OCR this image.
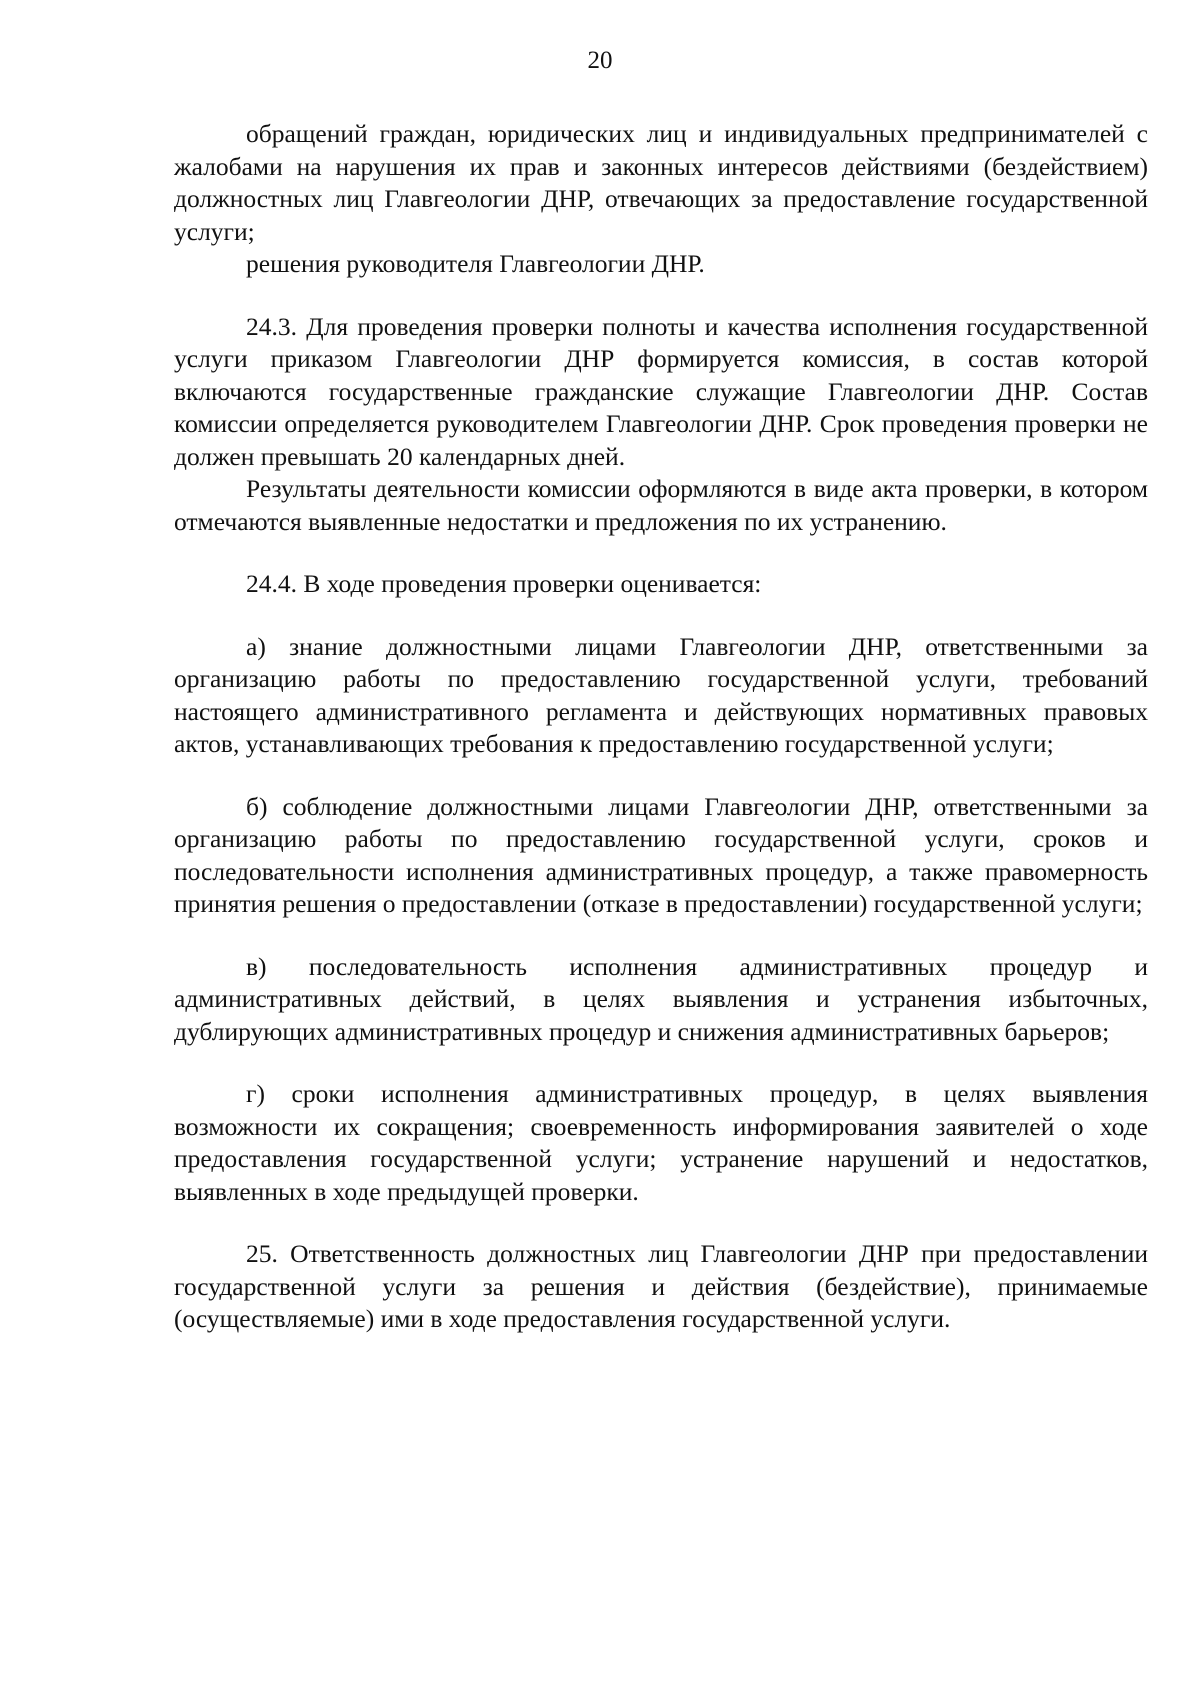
20

обращений граждан, юридических лиц и индивидуальных предпринимателей с жалобами на нарушения их прав и законных интересов действиями (бездействием) должностных лиц Главгеологии ДНР, отвечающих за предоставление государственной услуги;

решения руководителя Главгеологии ДНР.

24.3. Для проведения проверки полноты и качества исполнения государственной услуги приказом Главгеологии ДНР формируется комиссия, в состав которой включаются государственные гражданские служащие Главгеологии ДНР. Состав комиссии определяется руководителем Главгеологии ДНР. Срок проведения проверки не должен превышать 20 календарных дней.

Результаты деятельности комиссии оформляются в виде акта проверки, в котором отмечаются выявленные недостатки и предложения по их устранению.

24.4. В ходе проведения проверки оценивается:

а) знание должностными лицами Главгеологии ДНР, ответственными за организацию работы по предоставлению государственной услуги, требований настоящего административного регламента и действующих нормативных правовых актов, устанавливающих требования к предоставлению государственной услуги;

б) соблюдение должностными лицами Главгеологии ДНР, ответственными за организацию работы по предоставлению государственной услуги, сроков и последовательности исполнения административных процедур, а также правомерность принятия решения о предоставлении (отказе в предоставлении) государственной услуги;

в) последовательность исполнения административных процедур и административных действий, в целях выявления и устранения избыточных, дублирующих административных процедур и снижения административных барьеров;

г) сроки исполнения административных процедур, в целях выявления возможности их сокращения; своевременность информирования заявителей о ходе предоставления государственной услуги; устранение нарушений и недостатков, выявленных в ходе предыдущей проверки.

25. Ответственность должностных лиц Главгеологии ДНР при предоставлении государственной услуги за решения и действия (бездействие), принимаемые (осуществляемые) ими в ходе предоставления государственной услуги.
